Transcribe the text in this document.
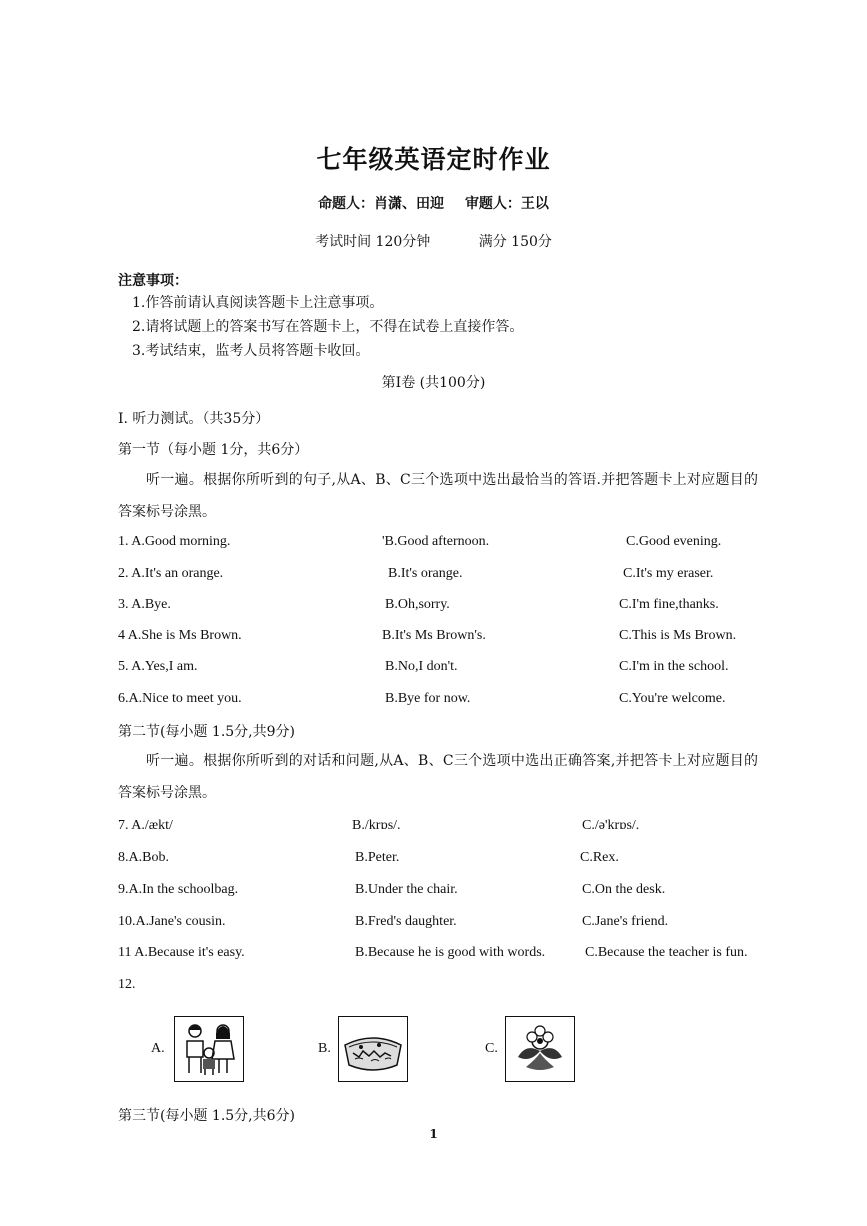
七年级英语定时作业
命题人：肖潇、田迎 审题人：王以
考试时间 120分钟	满分 150分
注意事项：
1.作答前请认真阅读答题卡上注意事项。
2.请将试题上的答案书写在答题卡上，不得在试卷上直接作答。
3.考试结束，监考人员将答题卡收回。
第Ⅰ卷 (共100分)
Ⅰ. 听力测试。（共35分）
第一节（每小题 1分，共6分）
听一遍。根据你所听到的句子,从A、B、C三个选项中选出最恰当的答语.并把答题卡上对应题目的答案标号涂黑。
1. A.Good morning.	'B.Good afternoon.	C.Good evening.
2. A.It's an orange.	B.It's orange.	C.It's my eraser.
3. A.Bye.	B.Oh,sorry.	C.I'm fine,thanks.
4 A.She is Ms Brown.	B.It's Ms Brown's.	C.This is Ms Brown.
5. A.Yes,I am.	B.No,I don't.	C.I'm in the school.
6.A.Nice to meet you.	B.Bye for now.	C.You're welcome.
第二节(每小题 1.5分,共9分)
听一遍。根据你所听到的对话和问题,从A、B、C三个选项中选出正确答案,并把答卡上对应题目的答案标号涂黑。
7. A./ækt/	B./krɒs/.	C./ə'krɒs/.
8.A.Bob.	B.Peter.	C.Rex.
9.A.In the schoolbag.	B.Under the chair.	C.On the desk.
10.A.Jane's cousin.	B.Fred's daughter.	C.Jane's friend.
11 A.Because it's easy.	B.Because he is good with words.	C.Because the teacher is fun.
12.
A.	B.	C.
第三节(每小题 1.5分,共6分)
1
